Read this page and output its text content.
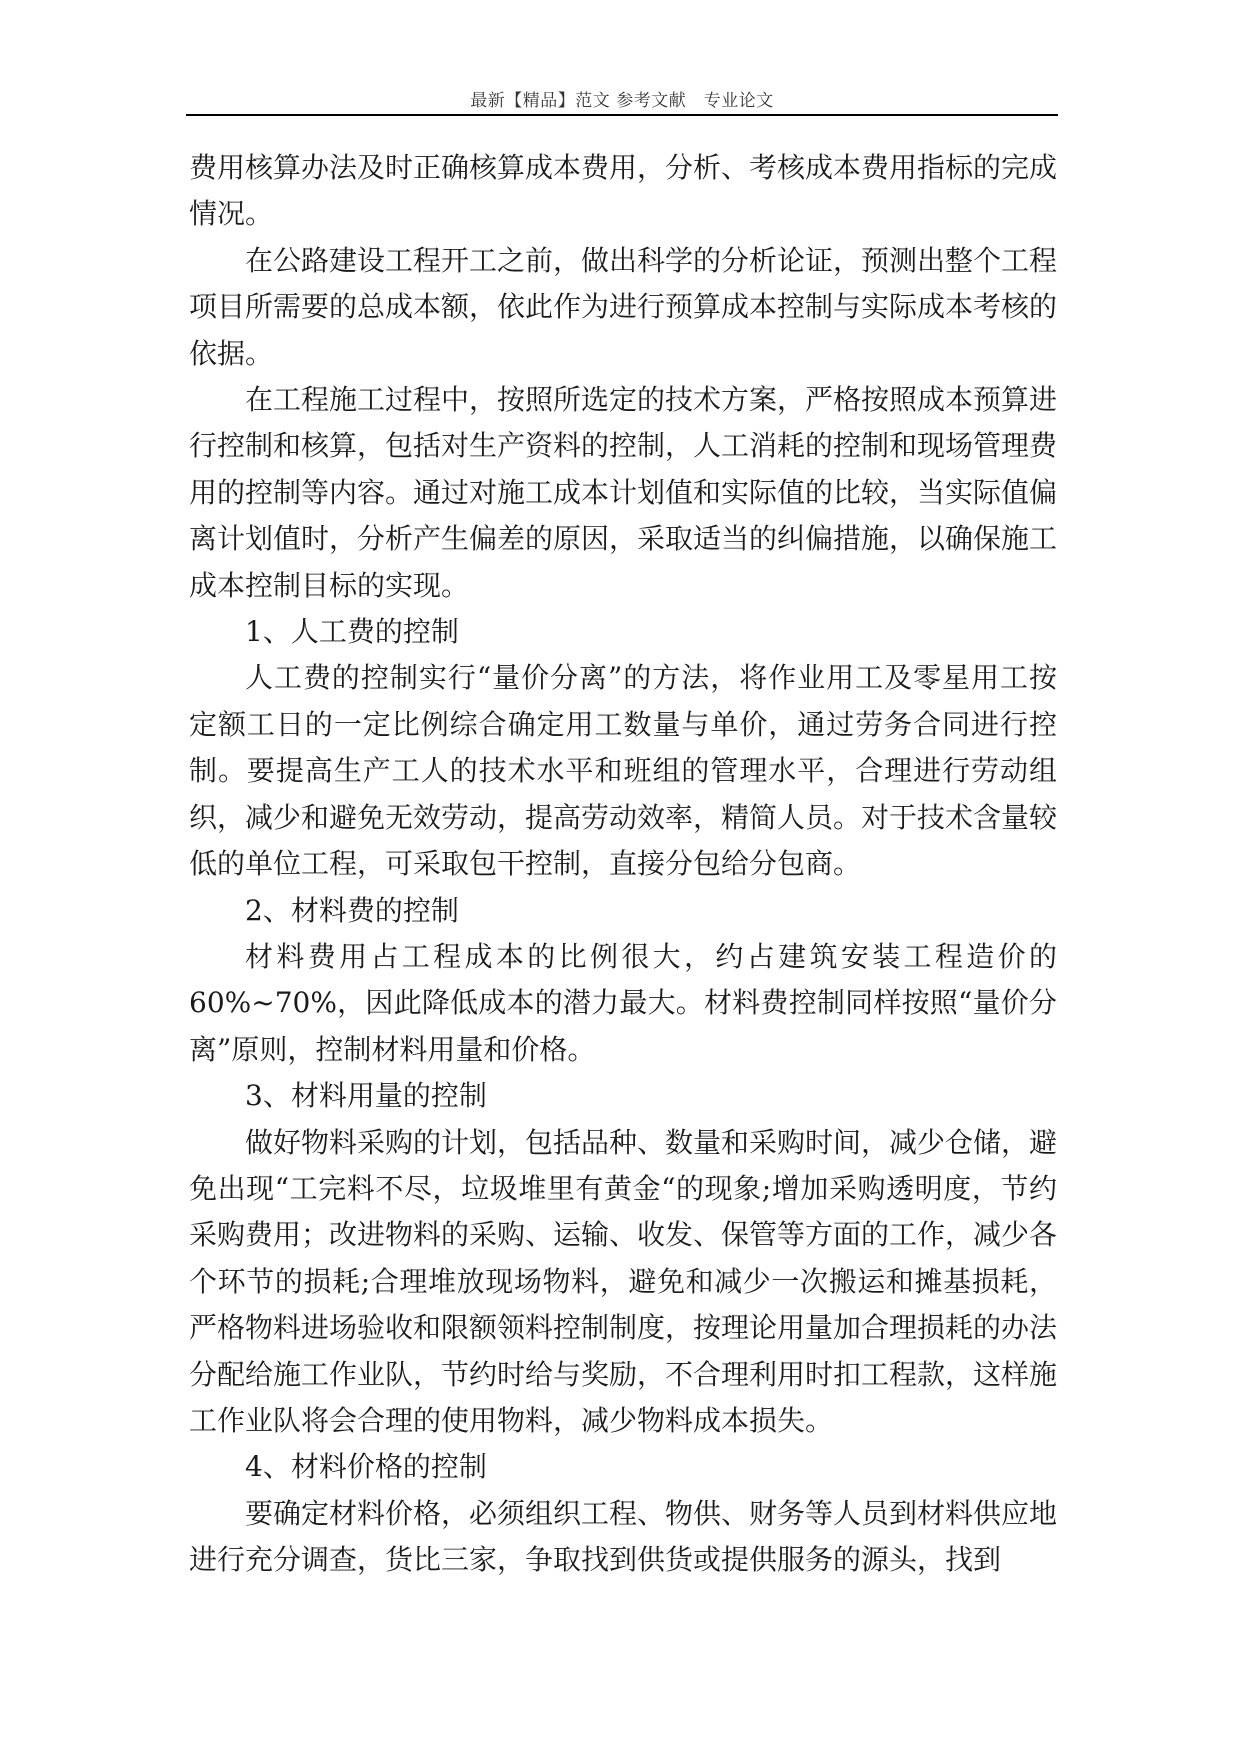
最新【精品】范文 参考文献　专业论文

费用核算办法及时正确核算成本费用，分析、考核成本费用指标的完成情况。

在公路建设工程开工之前，做出科学的分析论证，预测出整个工程项目所需要的总成本额，依此作为进行预算成本控制与实际成本考核的依据。

在工程施工过程中，按照所选定的技术方案，严格按照成本预算进行控制和核算，包括对生产资料的控制，人工消耗的控制和现场管理费用的控制等内容。通过对施工成本计划值和实际值的比较，当实际值偏离计划值时，分析产生偏差的原因，采取适当的纠偏措施，以确保施工成本控制目标的实现。

1、人工费的控制

人工费的控制实行“量价分离”的方法，将作业用工及零星用工按定额工日的一定比例综合确定用工数量与单价，通过劳务合同进行控制。要提高生产工人的技术水平和班组的管理水平，合理进行劳动组织，减少和避免无效劳动，提高劳动效率，精简人员。对于技术含量较低的单位工程，可采取包干控制，直接分包给分包商。

2、材料费的控制

材料费用占工程成本的比例很大，约占建筑安装工程造价的60%~70%，因此降低成本的潜力最大。材料费控制同样按照“量价分离”原则，控制材料用量和价格。

3、材料用量的控制

做好物料采购的计划，包括品种、数量和采购时间，减少仓储，避免出现“工完料不尽，垃圾堆里有黄金“的现象;增加采购透明度，节约采购费用；改进物料的采购、运输、收发、保管等方面的工作，减少各个环节的损耗;合理堆放现场物料，避免和减少一次搬运和摊基损耗，严格物料进场验收和限额领料控制制度，按理论用量加合理损耗的办法分配给施工作业队，节约时给与奖励，不合理利用时扣工程款，这样施工作业队将会合理的使用物料，减少物料成本损失。

4、材料价格的控制

要确定材料价格，必须组织工程、物供、财务等人员到材料供应地进行充分调查，货比三家，争取找到供货或提供服务的源头，找到
